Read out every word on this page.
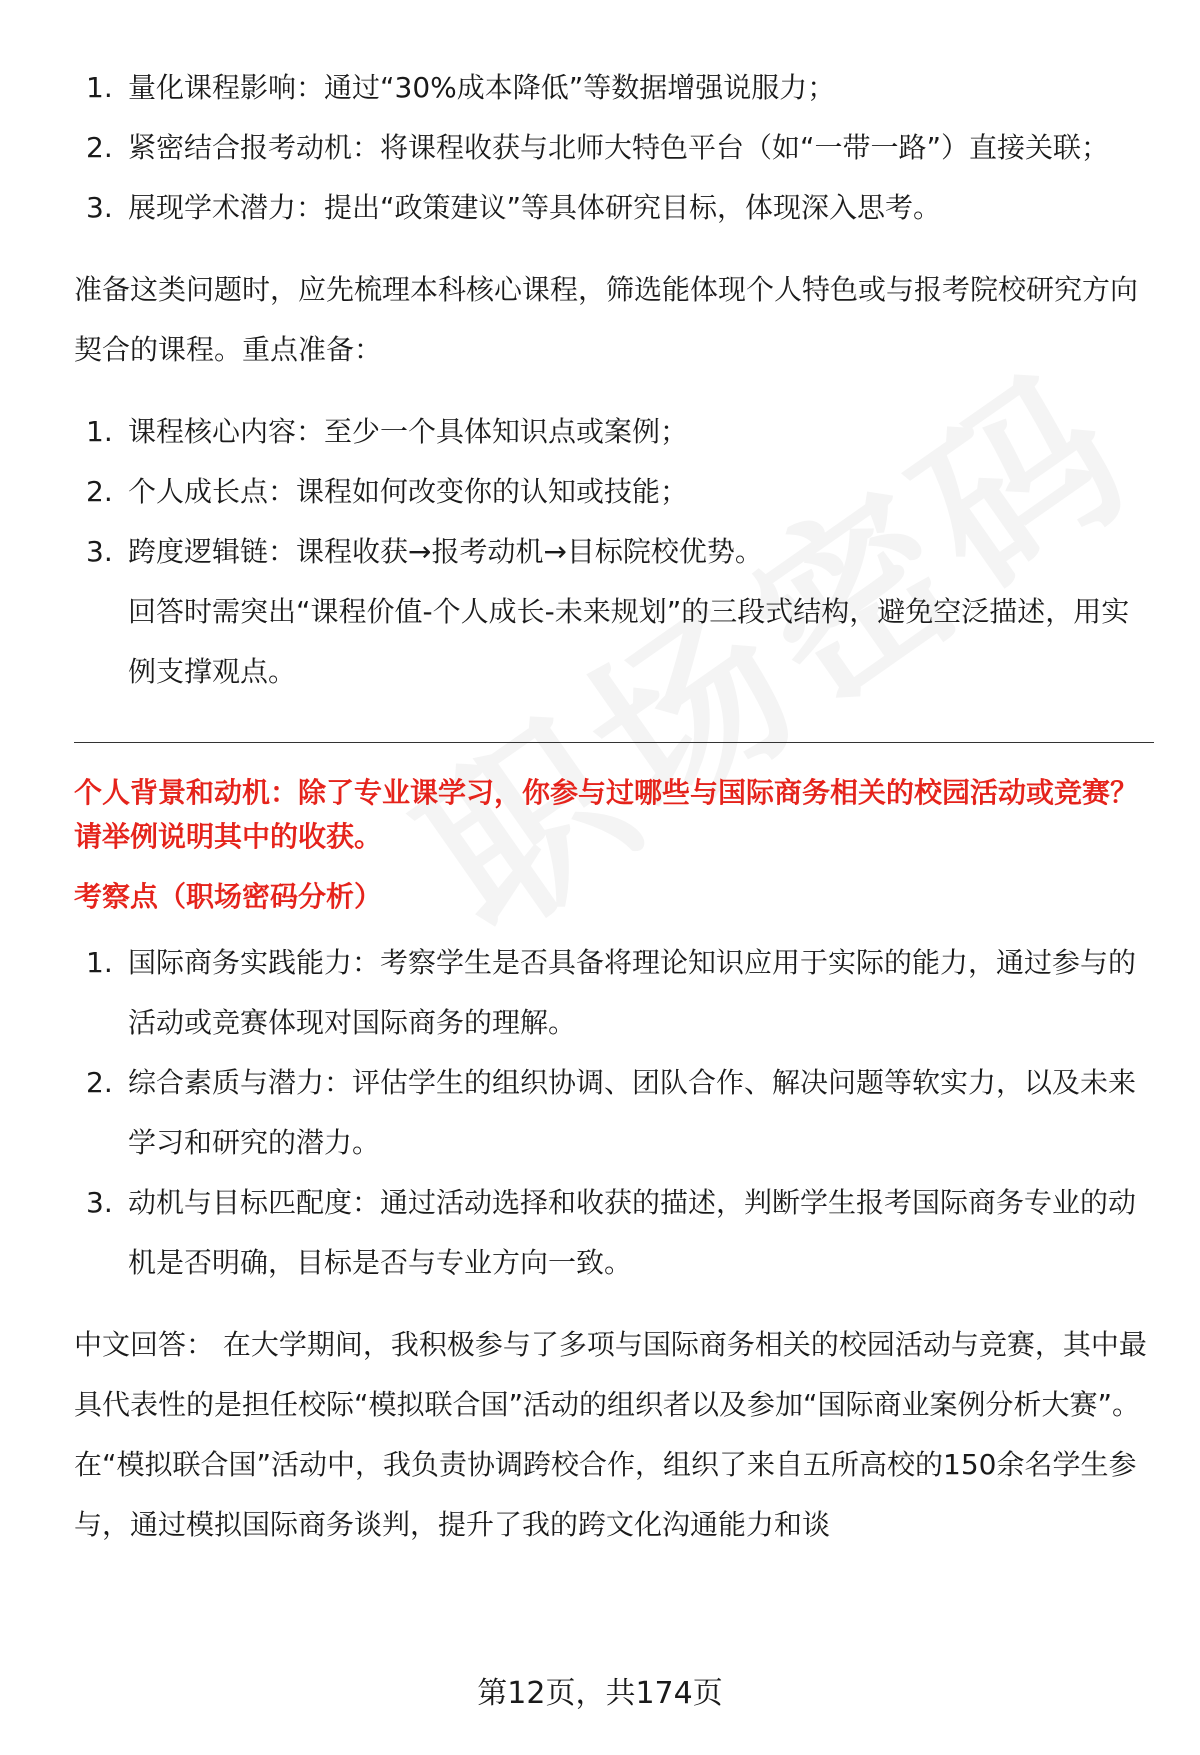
1. 量化课程影响：通过“30%成本降低”等数据增强说服力；
2. 紧密结合报考动机：将课程收获与北师大特色平台（如“一带一路”）直接关联；
3. 展现学术潜力：提出“政策建议”等具体研究目标，体现深入思考。

准备这类问题时，应先梳理本科核心课程，筛选能体现个人特色或与报考院校研究方向契合的课程。重点准备：

1. 课程核心内容：至少一个具体知识点或案例；
2. 个人成长点：课程如何改变你的认知或技能；
3. 跨度逻辑链：课程收获→报考动机→目标院校优势。
回答时需突出“课程价值-个人成长-未来规划”的三段式结构，避免空泛描述，用实例支撑观点。

个人背景和动机：除了专业课学习，你参与过哪些与国际商务相关的校园活动或竞赛？请举例说明其中的收获。

考察点（职场密码分析）

1. 国际商务实践能力：考察学生是否具备将理论知识应用于实际的能力，通过参与的活动或竞赛体现对国际商务的理解。
2. 综合素质与潜力：评估学生的组织协调、团队合作、解决问题等软实力，以及未来学习和研究的潜力。
3. 动机与目标匹配度：通过活动选择和收获的描述，判断学生报考国际商务专业的动机是否明确，目标是否与专业方向一致。

中文回答： 在大学期间，我积极参与了多项与国际商务相关的校园活动与竞赛，其中最具代表性的是担任校际“模拟联合国”活动的组织者以及参加“国际商业案例分析大赛”。在“模拟联合国”活动中，我负责协调跨校合作，组织了来自五所高校的150余名学生参与，通过模拟国际商务谈判，提升了我的跨文化沟通能力和谈

第12页，共174页
